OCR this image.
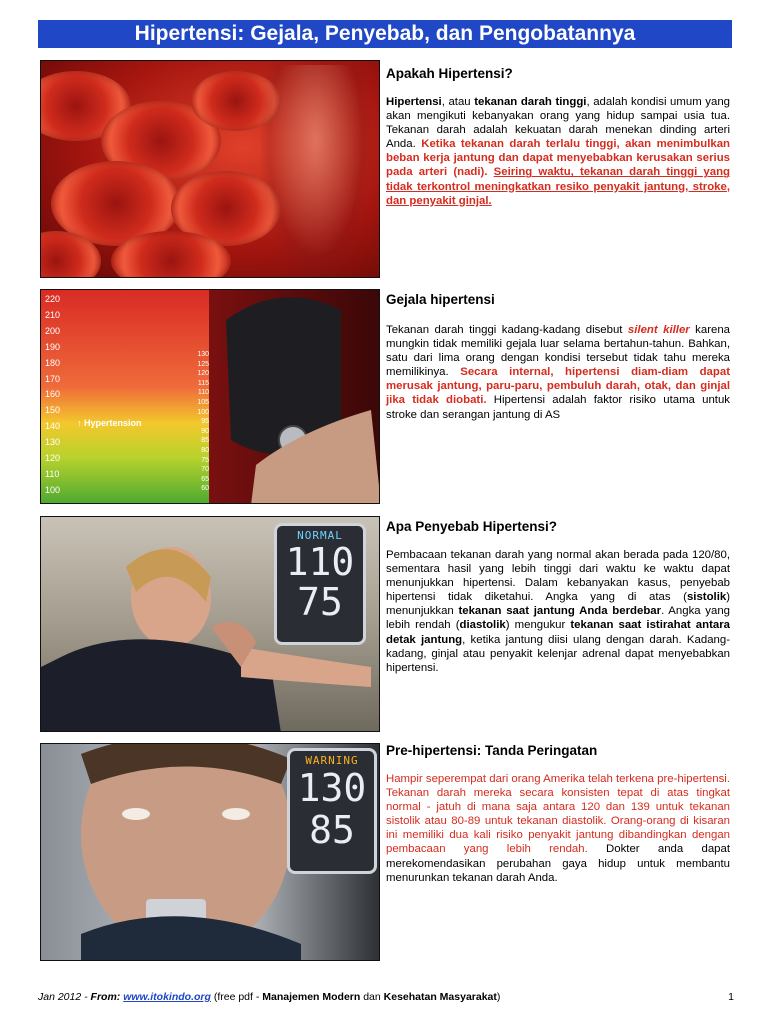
Hipertensi: Gejala, Penyebab, dan Pengobatannya
Apakah Hipertensi?

Hipertensi, atau tekanan darah tinggi, adalah kondisi umum yang akan mengikuti kebanyakan orang yang hidup sampai usia tua. Tekanan darah adalah kekuatan darah menekan dinding arteri Anda. Ketika tekanan darah terlalu tinggi, akan menimbulkan beban kerja jantung dan dapat menyebabkan kerusakan serius pada arteri (nadi). Seiring waktu, tekanan darah tinggi yang tidak terkontrol meningkatkan resiko penyakit jantung, stroke, dan penyakit ginjal.

220
210
200
190
180
170
160
150
140
130
120
110
100
130
125
120
115
110
105
100
95
90
85
80
75
70
65
60
↑ Hypertension
Gejala hipertensi

Tekanan darah tinggi kadang-kadang disebut silent killer karena mungkin tidak memiliki gejala luar selama bertahun-tahun. Bahkan, satu dari lima orang dengan kondisi tersebut tidak tahu mereka memilikinya. Secara internal, hipertensi diam-diam dapat merusak jantung, paru-paru, pembuluh darah, otak, dan ginjal jika tidak diobati. Hipertensi adalah faktor risiko utama untuk stroke dan serangan jantung di AS

NORMAL
110
75
Apa Penyebab Hipertensi?

Pembacaan tekanan darah yang normal akan berada pada 120/80, sementara hasil yang lebih tinggi dari waktu ke waktu dapat menunjukkan hipertensi. Dalam kebanyakan kasus, penyebab hipertensi tidak diketahui. Angka yang di atas (sistolik) menunjukkan tekanan saat jantung Anda berdebar. Angka yang lebih rendah (diastolik) mengukur tekanan saat istirahat antara detak jantung, ketika jantung diisi ulang dengan darah. Kadang-kadang, ginjal atau penyakit kelenjar adrenal dapat menyebabkan hipertensi.

WARNING
130
85
Pre-hipertensi: Tanda Peringatan

Hampir seperempat dari orang Amerika telah terkena pre-hipertensi. Tekanan darah mereka secara konsisten tepat di atas tingkat normal - jatuh di mana saja antara 120 dan 139 untuk tekanan sistolik atau 80-89 untuk tekanan diastolik. Orang-orang di kisaran ini memiliki dua kali risiko penyakit jantung dibandingkan dengan pembacaan yang lebih rendah. Dokter anda dapat merekomendasikan perubahan gaya hidup untuk membantu menurunkan tekanan darah Anda.

Jan 2012 - From: www.itokindo.org (free pdf - Manajemen Modern dan Kesehatan Masyarakat)	1
